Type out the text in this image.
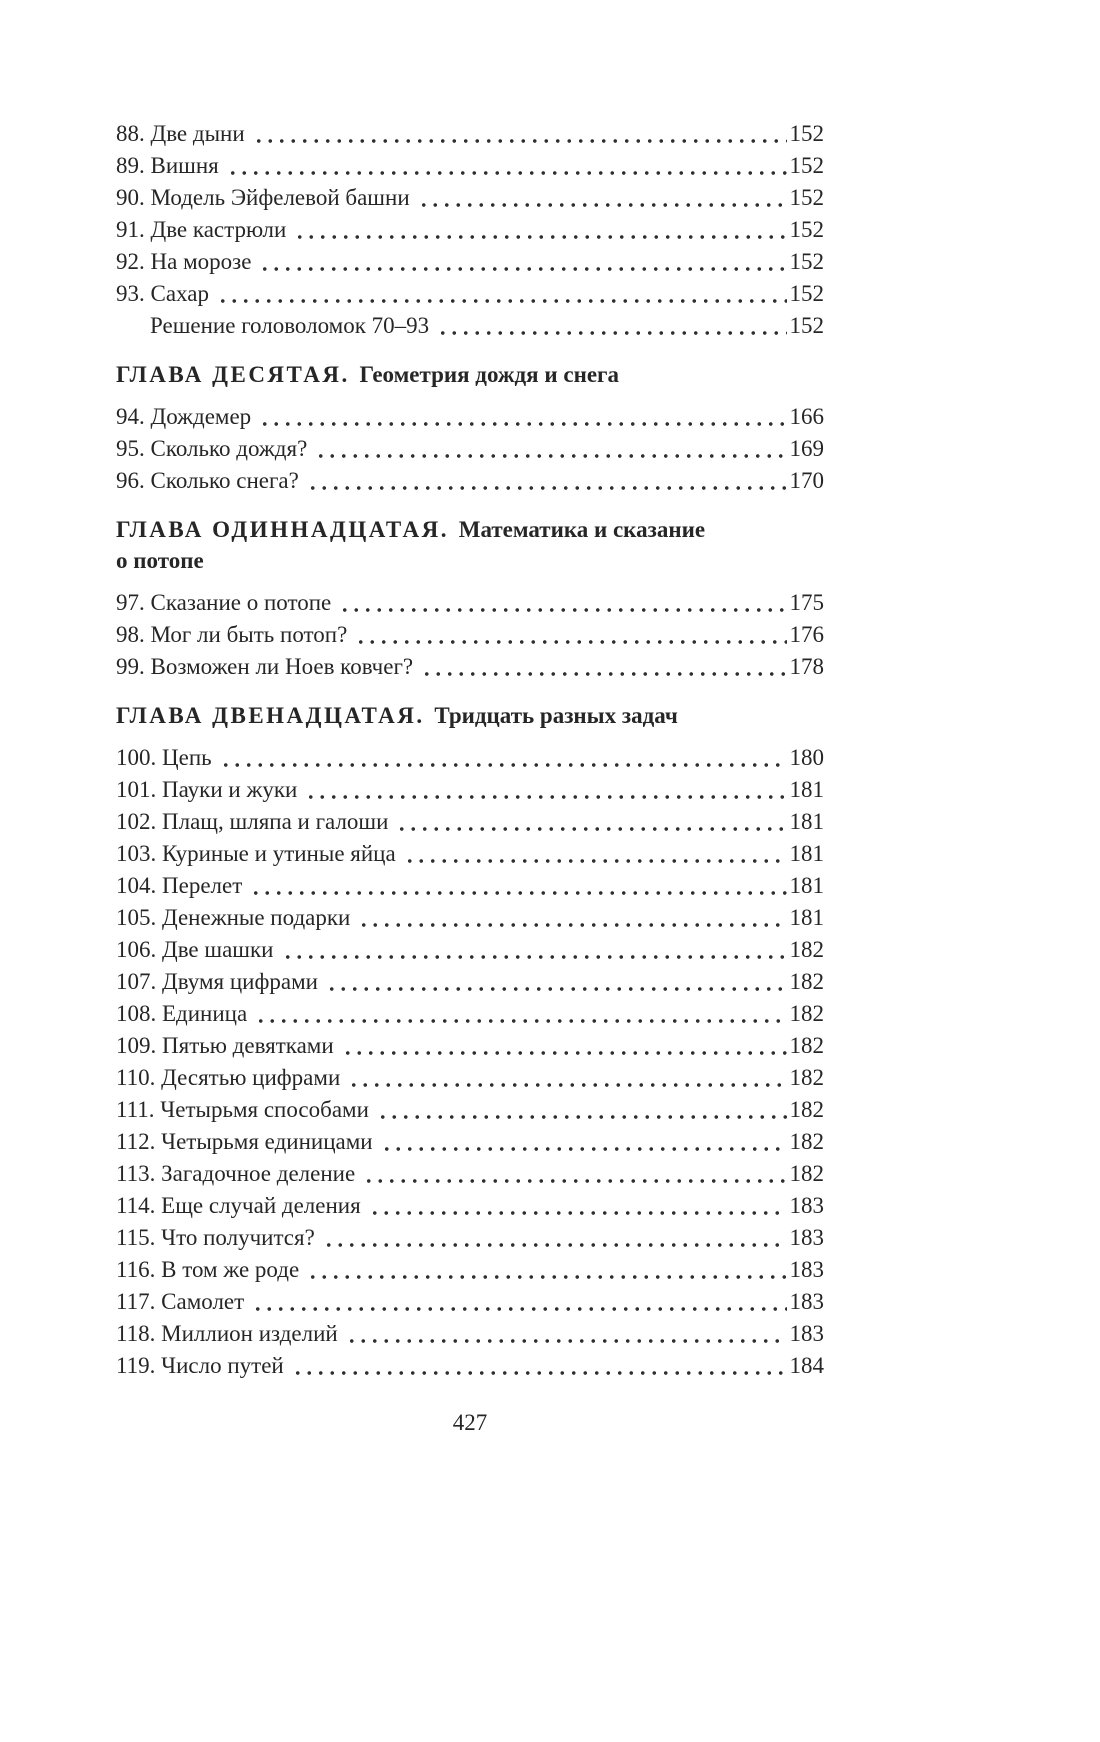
88. Две дыни	152
89. Вишня	152
90. Модель Эйфелевой башни	152
91. Две кастрюли	152
92. На морозе	152
93. Сахар	152
Решение головоломок 70–93	152
ГЛАВА ДЕСЯТАЯ. Геометрия дождя и снега
94. Дождемер	166
95. Сколько дождя?	169
96. Сколько снега?	170
ГЛАВА ОДИННАДЦАТАЯ. Математика и сказание о потопе
97. Сказание о потопе	175
98. Мог ли быть потоп?	176
99. Возможен ли Ноев ковчег?	178
ГЛАВА ДВЕНАДЦАТАЯ. Тридцать разных задач
100. Цепь	180
101. Пауки и жуки	181
102. Плащ, шляпа и галоши	181
103. Куриные и утиные яйца	181
104. Перелет	181
105. Денежные подарки	181
106. Две шашки	182
107. Двумя цифрами	182
108. Единица	182
109. Пятью девятками	182
110. Десятью цифрами	182
111. Четырьмя способами	182
112. Четырьмя единицами	182
113. Загадочное деление	182
114. Еще случай деления	183
115. Что получится?	183
116. В том же роде	183
117. Самолет	183
118. Миллион изделий	183
119. Число путей	184
427
